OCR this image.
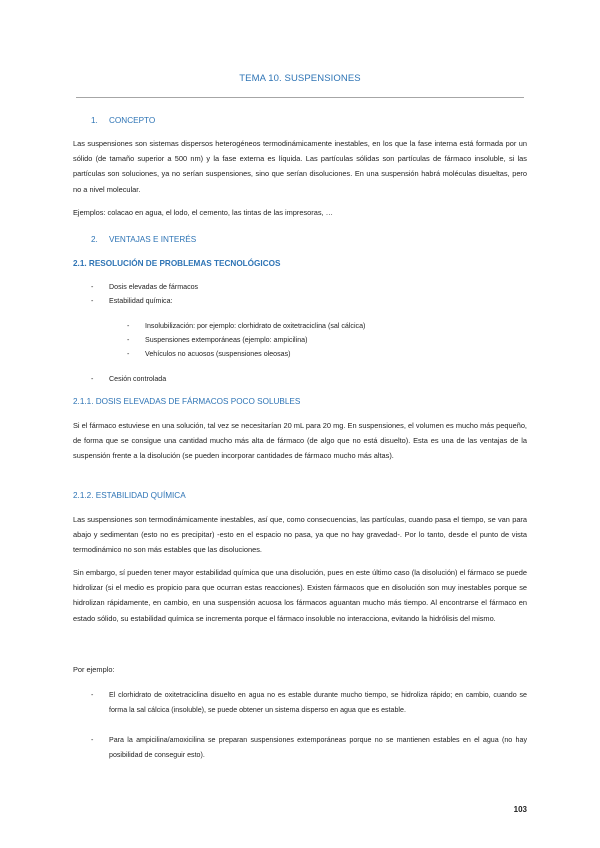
TEMA 10. SUSPENSIONES
1. CONCEPTO

Las suspensiones son sistemas dispersos heterogéneos termodinámicamente inestables, en los que la fase interna está formada por un sólido (de tamaño superior a 500 nm) y la fase externa es líquida. Las partículas sólidas son partículas de fármaco insoluble, si las partículas son soluciones, ya no serían suspensiones, sino que serían disoluciones. En una suspensión habrá moléculas disueltas, pero no a nivel molecular.

Ejemplos: colacao en agua, el lodo, el cemento, las tintas de las impresoras, …

2. VENTAJAS E INTERÉS
2.1. RESOLUCIÓN DE PROBLEMAS TECNOLÓGICOS
-	Dosis elevadas de fármacos
-	Estabilidad química:
-	Insolubilización: por ejemplo: clorhidrato de oxitetraciclina (sal cálcica)
-	Suspensiones extemporáneas (ejemplo: ampicilina)
-	Vehículos no acuosos (suspensiones oleosas)
-	Cesión controlada
2.1.1. DOSIS ELEVADAS DE FÁRMACOS POCO SOLUBLES

Si el fármaco estuviese en una solución, tal vez se necesitarían 20 mL para 20 mg. En suspensiones, el volumen es mucho más pequeño, de forma que se consigue una cantidad mucho más alta de fármaco (de algo que no está disuelto). Esta es una de las ventajas de la suspensión frente a la disolución (se pueden incorporar cantidades de fármaco mucho más altas).

2.1.2. ESTABILIDAD QUÍMICA

Las suspensiones son termodinámicamente inestables, así que, como consecuencias, las partículas, cuando pasa el tiempo, se van para abajo y sedimentan (esto no es precipitar) -esto en el espacio no pasa, ya que no hay gravedad-. Por lo tanto, desde el punto de vista termodinámico no son más estables que las disoluciones.

Sin embargo, sí pueden tener mayor estabilidad química que una disolución, pues en este último caso (la disolución) el fármaco se puede hidrolizar (si el medio es propicio para que ocurran estas reacciones). Existen fármacos que en disolución son muy inestables porque se hidrolizan rápidamente, en cambio, en una suspensión acuosa los fármacos aguantan mucho más tiempo. Al encontrarse el fármaco en estado sólido, su estabilidad química se incrementa porque el fármaco insoluble no interacciona, evitando la hidrólisis del mismo.

Por ejemplo:

-	El clorhidrato de oxitetraciclina disuelto en agua no es estable durante mucho tiempo, se hidroliza rápido; en cambio, cuando se forma la sal cálcica (insoluble), se puede obtener un sistema disperso en agua que es estable.
-	Para la ampicilina/amoxicilina se preparan suspensiones extemporáneas porque no se mantienen estables en el agua (no hay posibilidad de conseguir esto).
103
